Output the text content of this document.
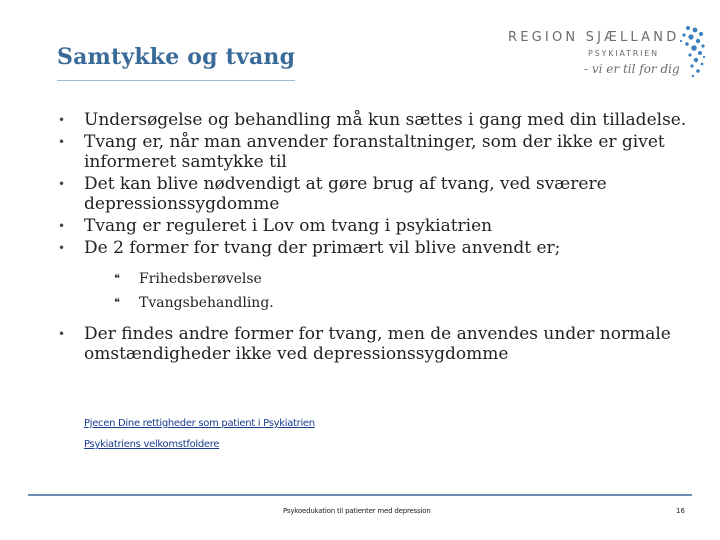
Samtykke og tvang
REGION SJÆLLAND
PSYKIATRIEN
- vi er til for dig
• Undersøgelse og behandling må kun sættes i gang med din tilladelse.
• Tvang er, når man anvender foranstaltninger, som der ikke er givet informeret samtykke til
• Det kan blive nødvendigt at gøre brug af tvang, ved sværere depressionssygdomme
• Tvang er reguleret i Lov om tvang i psykiatrien
• De 2 former for tvang der primært vil blive anvendt er;
❝ Frihedsberøvelse
❝ Tvangsbehandling.
• Der findes andre former for tvang, men de anvendes under normale omstændigheder ikke ved depressionssygdomme
Pjecen Dine rettigheder som patient i Psykiatrien
Psykiatriens velkomstfoldere
Psykoedukation til patienter med depression	16
